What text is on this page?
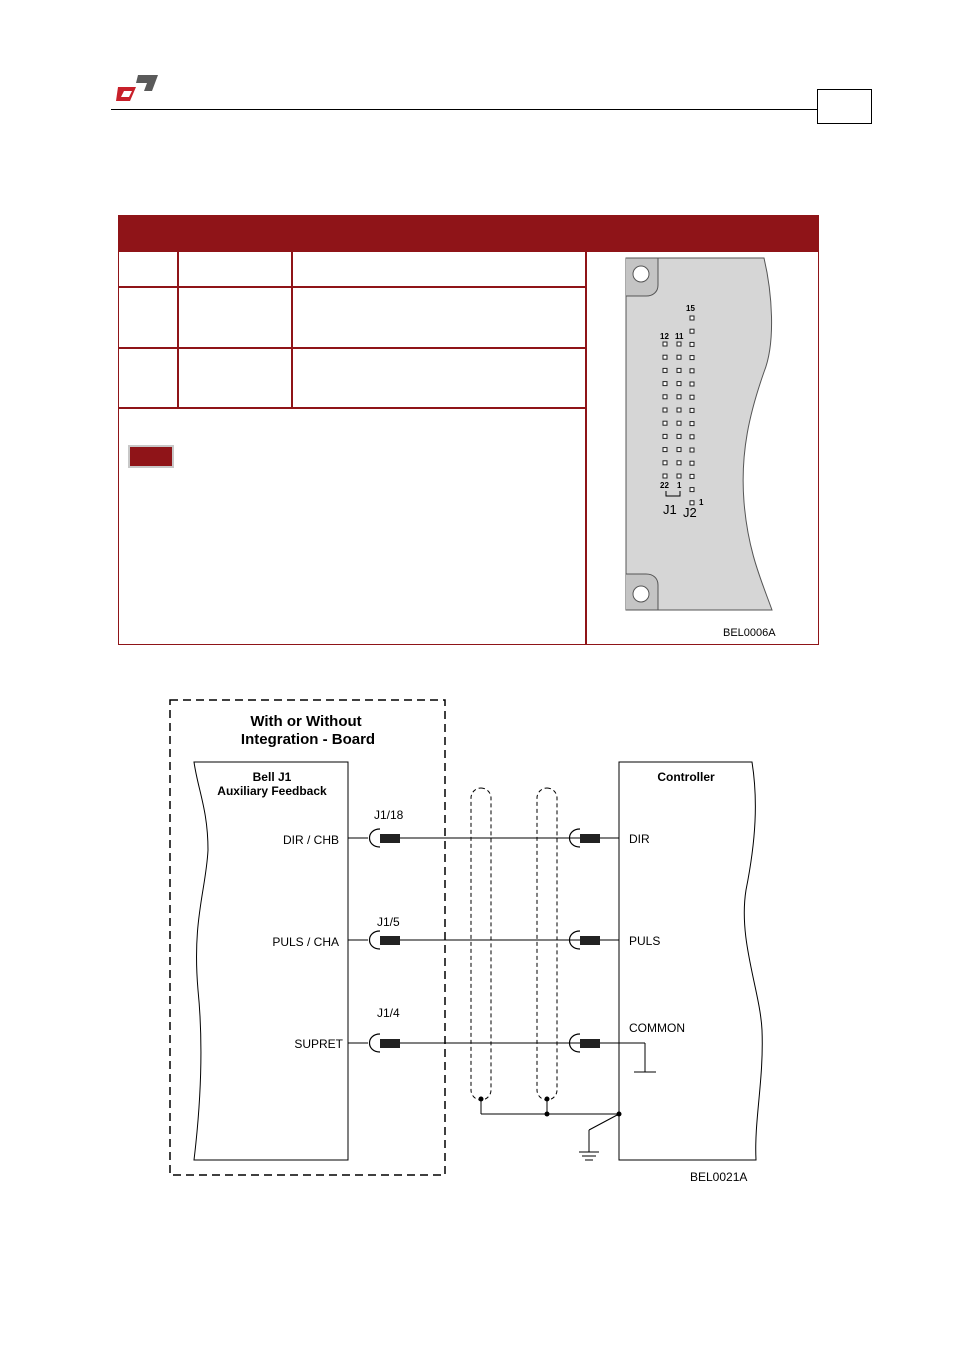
15
12 11
22 1
1
J1 J2
BEL0006A
With or Without
Integration - Board
Bell J1
Auxiliary Feedback
Controller
J1/18
DIR / CHB	DIR
J1/5
PULS / CHA	PULS
J1/4
SUPRET
COMMON
BEL0021A
